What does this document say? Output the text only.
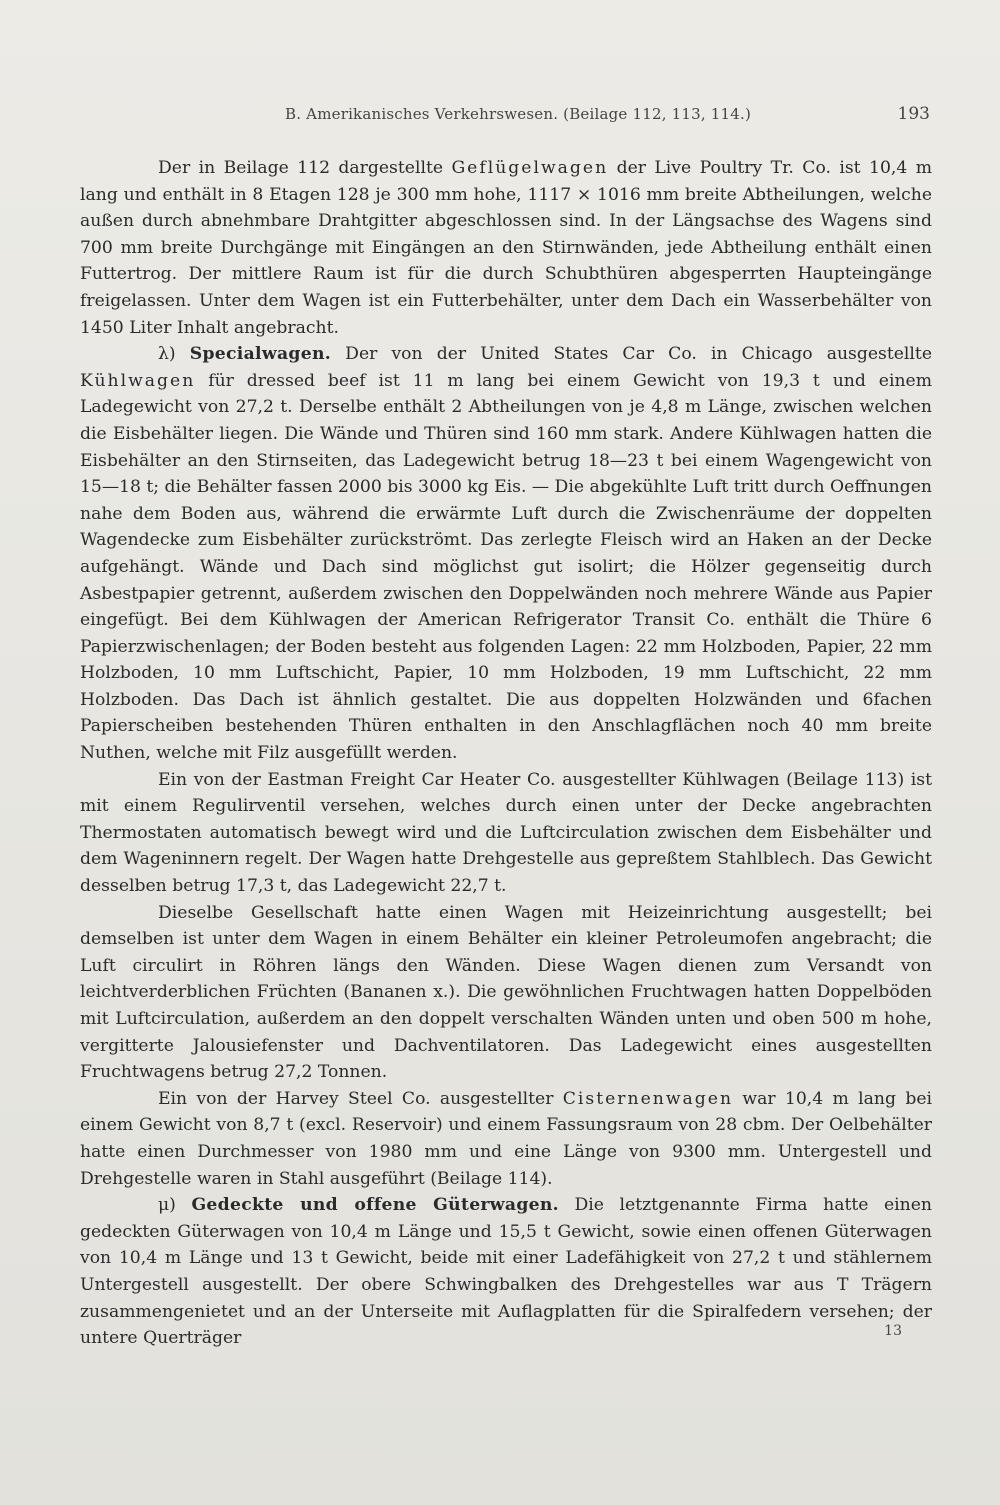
B. Amerikanisches Verkehrswesen. (Beilage 112, 113, 114.)	193

Der in Beilage 112 dargestellte Geflügelwagen der Live Poultry Tr. Co. ist 10,4 m lang und enthält in 8 Etagen 128 je 300 mm hohe, 1117 × 1016 mm breite Abtheilungen, welche außen durch abnehmbare Drahtgitter abgeschlossen sind. In der Längsachse des Wagens sind 700 mm breite Durchgänge mit Eingängen an den Stirnwänden, jede Abtheilung enthält einen Futtertrog. Der mittlere Raum ist für die durch Schubthüren abgesperrten Haupteingänge freigelassen. Unter dem Wagen ist ein Futterbehälter, unter dem Dach ein Wasserbehälter von 1450 Liter Inhalt angebracht.

λ) Specialwagen. Der von der United States Car Co. in Chicago ausgestellte Kühlwagen für dressed beef ist 11 m lang bei einem Gewicht von 19,3 t und einem Ladegewicht von 27,2 t. Derselbe enthält 2 Abtheilungen von je 4,8 m Länge, zwischen welchen die Eisbehälter liegen. Die Wände und Thüren sind 160 mm stark. Andere Kühlwagen hatten die Eisbehälter an den Stirnseiten, das Ladegewicht betrug 18—23 t bei einem Wagengewicht von 15—18 t; die Behälter fassen 2000 bis 3000 kg Eis. — Die abgekühlte Luft tritt durch Oeffnungen nahe dem Boden aus, während die erwärmte Luft durch die Zwischenräume der doppelten Wagendecke zum Eisbehälter zurückströmt. Das zerlegte Fleisch wird an Haken an der Decke aufgehängt. Wände und Dach sind möglichst gut isolirt; die Hölzer gegenseitig durch Asbestpapier getrennt, außerdem zwischen den Doppelwänden noch mehrere Wände aus Papier eingefügt. Bei dem Kühlwagen der American Refrigerator Transit Co. enthält die Thüre 6 Papierzwischenlagen; der Boden besteht aus folgenden Lagen: 22 mm Holzboden, Papier, 22 mm Holzboden, 10 mm Luftschicht, Papier, 10 mm Holzboden, 19 mm Luftschicht, 22 mm Holzboden. Das Dach ist ähnlich gestaltet. Die aus doppelten Holzwänden und 6fachen Papierscheiben bestehenden Thüren enthalten in den Anschlagflächen noch 40 mm breite Nuthen, welche mit Filz ausgefüllt werden.

Ein von der Eastman Freight Car Heater Co. ausgestellter Kühlwagen (Beilage 113) ist mit einem Regulirventil versehen, welches durch einen unter der Decke angebrachten Thermostaten automatisch bewegt wird und die Luftcirculation zwischen dem Eisbehälter und dem Wageninnern regelt. Der Wagen hatte Drehgestelle aus gepreßtem Stahlblech. Das Gewicht desselben betrug 17,3 t, das Ladegewicht 22,7 t.

Dieselbe Gesellschaft hatte einen Wagen mit Heizeinrichtung ausgestellt; bei demselben ist unter dem Wagen in einem Behälter ein kleiner Petroleumofen angebracht; die Luft circulirt in Röhren längs den Wänden. Diese Wagen dienen zum Versandt von leichtverderblichen Früchten (Bananen x.). Die gewöhnlichen Fruchtwagen hatten Doppelböden mit Luftcirculation, außerdem an den doppelt verschalten Wänden unten und oben 500 m hohe, vergitterte Jalousiefenster und Dachventilatoren. Das Ladegewicht eines ausgestellten Fruchtwagens betrug 27,2 Tonnen.

Ein von der Harvey Steel Co. ausgestellter Cisternenwagen war 10,4 m lang bei einem Gewicht von 8,7 t (excl. Reservoir) und einem Fassungsraum von 28 cbm. Der Oelbehälter hatte einen Durchmesser von 1980 mm und eine Länge von 9300 mm. Untergestell und Drehgestelle waren in Stahl ausgeführt (Beilage 114).

μ) Gedeckte und offene Güterwagen. Die letztgenannte Firma hatte einen gedeckten Güterwagen von 10,4 m Länge und 15,5 t Gewicht, sowie einen offenen Güterwagen von 10,4 m Länge und 13 t Gewicht, beide mit einer Ladefähigkeit von 27,2 t und stählernem Untergestell ausgestellt. Der obere Schwingbalken des Drehgestelles war aus T Trägern zusammengenietet und an der Unterseite mit Auflagplatten für die Spiralfedern versehen; der untere Querträger	13
